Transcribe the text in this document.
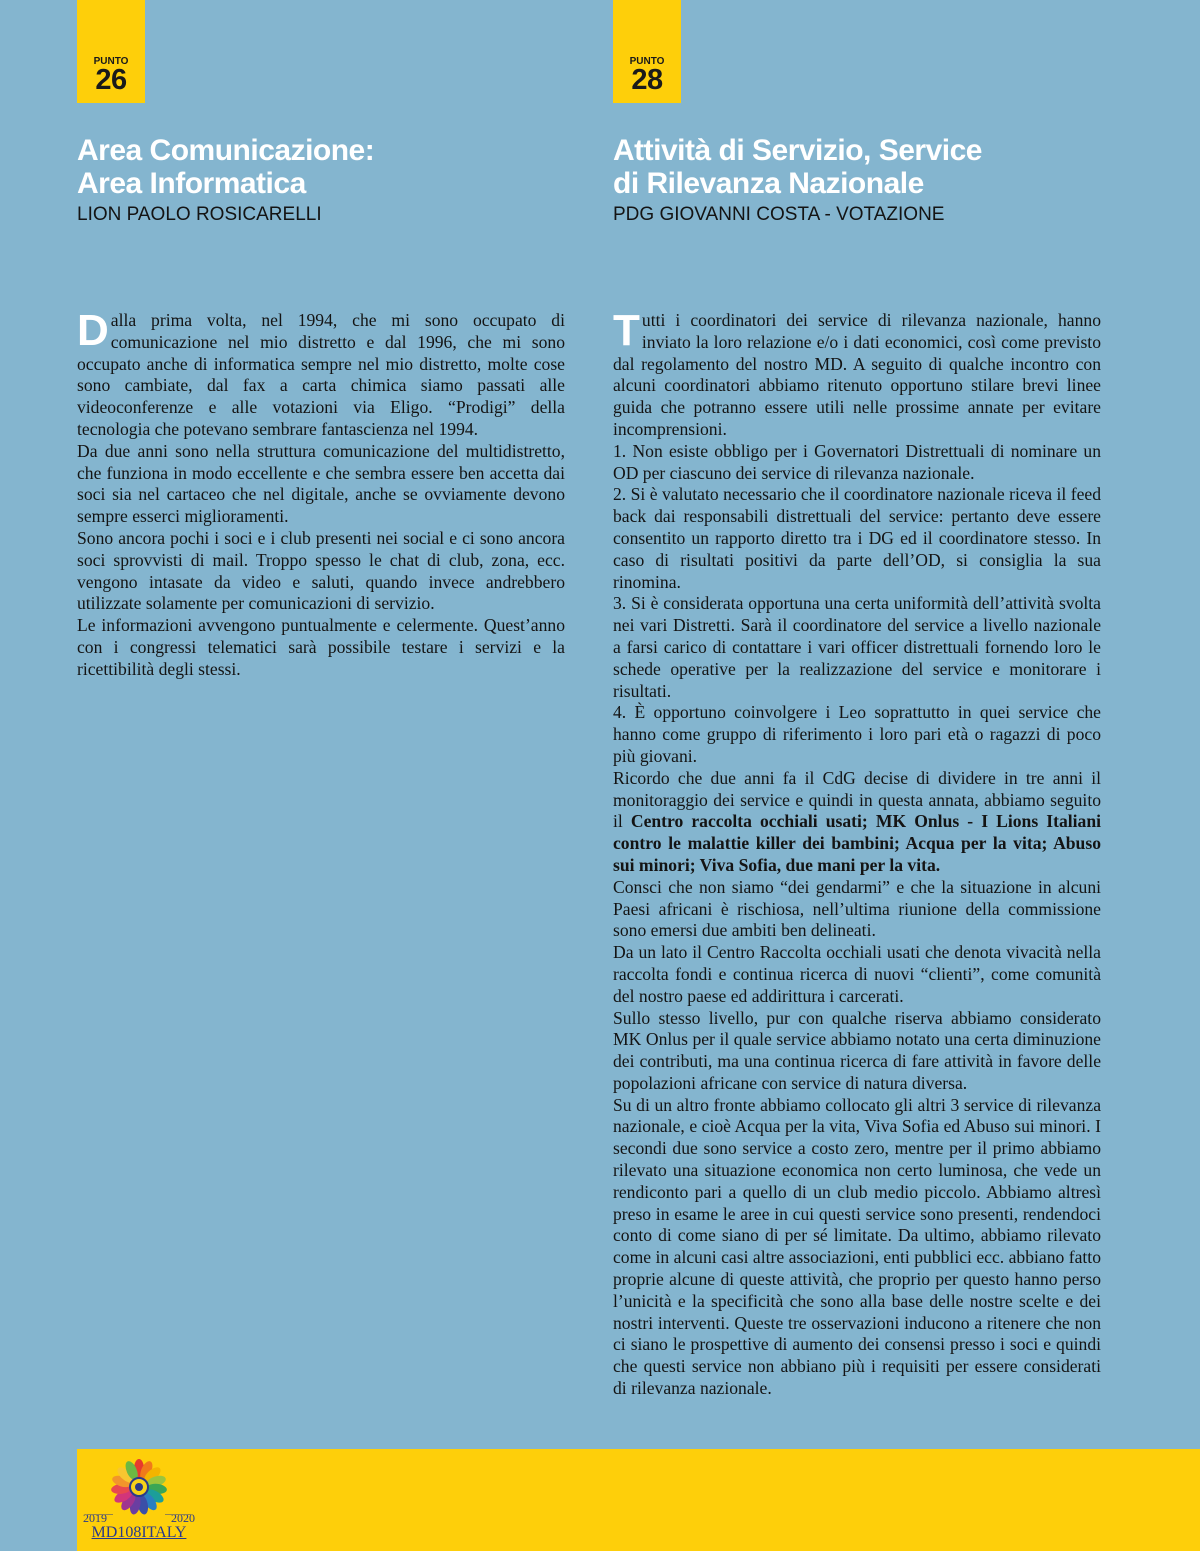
PUNTO
26
PUNTO
28
Area Comunicazione:
Area Informatica

LION PAOLO ROSICARELLI

Dalla prima volta, nel 1994, che mi sono occupato di comunicazione nel mio distretto e dal 1996, che mi sono occupato anche di informatica sempre nel mio distretto, molte cose sono cambiate, dal fax a carta chimica siamo passati alle videoconferenze e alle votazioni via Eligo. “Prodigi” della tecnologia che potevano sembrare fantascienza nel 1994.

Da due anni sono nella struttura comunicazione del multidistretto, che funziona in modo eccellente e che sembra essere ben accetta dai soci sia nel cartaceo che nel digitale, anche se ovviamente devono sempre esserci miglioramenti.

Sono ancora pochi i soci e i club presenti nei social e ci sono ancora soci sprovvisti di mail. Troppo spesso le chat di club, zona, ecc. vengono intasate da video e saluti, quando invece andrebbero utilizzate solamente per comunicazioni di servizio.

Le informazioni avvengono puntualmente e celermente. Quest’anno con i congressi telematici sarà possibile testare i servizi e la ricettibilità degli stessi.

Attività di Servizio, Service
di Rilevanza Nazionale

PDG GIOVANNI COSTA - VOTAZIONE

Tutti i coordinatori dei service di rilevanza nazionale, hanno inviato la loro relazione e/o i dati economici, così come previsto dal regolamento del nostro MD. A seguito di qualche incontro con alcuni coordinatori abbiamo ritenuto opportuno stilare brevi linee guida che potranno essere utili nelle prossime annate per evitare incomprensioni.

1. Non esiste obbligo per i Governatori Distrettuali di nominare un OD per ciascuno dei service di rilevanza nazionale.

2. Si è valutato necessario che il coordinatore nazionale riceva il feed back dai responsabili distrettuali del service: pertanto deve essere consentito un rapporto diretto tra i DG ed il coordinatore stesso. In caso di risultati positivi da parte dell’OD, si consiglia la sua rinomina.

3. Si è considerata opportuna una certa uniformità dell’attività svolta nei vari Distretti. Sarà il coordinatore del service a livello nazionale a farsi carico di contattare i vari officer distrettuali fornendo loro le schede operative per la realizzazione del service e monitorare i risultati.

4. È opportuno coinvolgere i Leo soprattutto in quei service che hanno come gruppo di riferimento i loro pari età o ragazzi di poco più giovani.

Ricordo che due anni fa il CdG decise di dividere in tre anni il monitoraggio dei service e quindi in questa annata, abbiamo seguito il Centro raccolta occhiali usati; MK Onlus - I Lions Italiani contro le malattie killer dei bambini; Acqua per la vita; Abuso sui minori; Viva Sofia, due mani per la vita.

Consci che non siamo “dei gendarmi” e che la situazione in alcuni Paesi africani è rischiosa, nell’ultima riunione della commissione sono emersi due ambiti ben delineati.

Da un lato il Centro Raccolta occhiali usati che denota vivacità nella raccolta fondi e continua ricerca di nuovi “clienti”, come comunità del nostro paese ed addirittura i carcerati.

Sullo stesso livello, pur con qualche riserva abbiamo considerato MK Onlus per il quale service abbiamo notato una certa diminuzione dei contributi, ma una continua ricerca di fare attività in favore delle popolazioni africane con service di natura diversa.

Su di un altro fronte abbiamo collocato gli altri 3 service di rilevanza nazionale, e cioè Acqua per la vita, Viva Sofia ed Abuso sui minori. I secondi due sono service a costo zero, mentre per il primo abbiamo rilevato una situazione economica non certo luminosa, che vede un rendiconto pari a quello di un club medio piccolo. Abbiamo altresì preso in esame le aree in cui questi service sono presenti, rendendoci conto di come siano di per sé limitate. Da ultimo, abbiamo rilevato come in alcuni casi altre associazioni, enti pubblici ecc. abbiano fatto proprie alcune di queste attività, che proprio per questo hanno perso l’unicità e la specificità che sono alla base delle nostre scelte e dei nostri interventi. Queste tre osservazioni inducono a ritenere che non ci siano le prospettive di aumento dei consensi presso i soci e quindi che questi service non abbiano più i requisiti per essere considerati di rilevanza nazionale.

2019	2020
MD108ITALY
